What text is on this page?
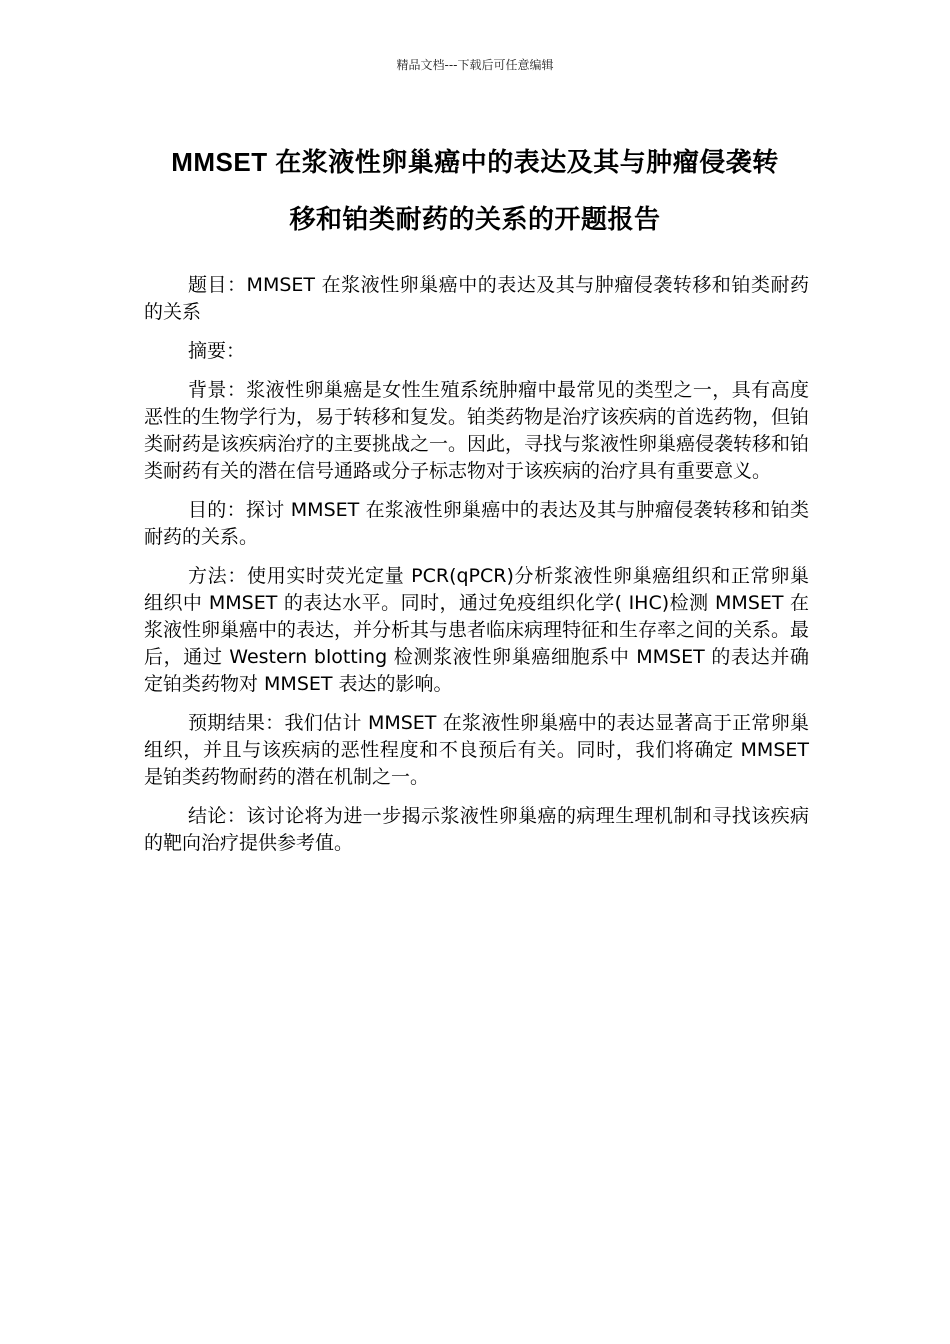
精品文档---下载后可任意编辑
MMSET 在浆液性卵巢癌中的表达及其与肿瘤侵袭转
移和铂类耐药的关系的开题报告

题目：MMSET 在浆液性卵巢癌中的表达及其与肿瘤侵袭转移和铂类耐药的关系

摘要：

背景：浆液性卵巢癌是女性生殖系统肿瘤中最常见的类型之一，具有高度恶性的生物学行为，易于转移和复发。铂类药物是治疗该疾病的首选药物，但铂类耐药是该疾病治疗的主要挑战之一。因此，寻找与浆液性卵巢癌侵袭转移和铂类耐药有关的潜在信号通路或分子标志物对于该疾病的治疗具有重要意义。

目的：探讨 MMSET 在浆液性卵巢癌中的表达及其与肿瘤侵袭转移和铂类耐药的关系。

方法：使用实时荧光定量 PCR(qPCR)分析浆液性卵巢癌组织和正常卵巢组织中 MMSET 的表达水平。同时，通过免疫组织化学( IHC)检测 MMSET 在浆液性卵巢癌中的表达，并分析其与患者临床病理特征和生存率之间的关系。最后，通过 Western blotting 检测浆液性卵巢癌细胞系中 MMSET 的表达并确定铂类药物对 MMSET 表达的影响。

预期结果：我们估计 MMSET 在浆液性卵巢癌中的表达显著高于正常卵巢组织，并且与该疾病的恶性程度和不良预后有关。同时，我们将确定 MMSET 是铂类药物耐药的潜在机制之一。

结论：该讨论将为进一步揭示浆液性卵巢癌的病理生理机制和寻找该疾病的靶向治疗提供参考值。
